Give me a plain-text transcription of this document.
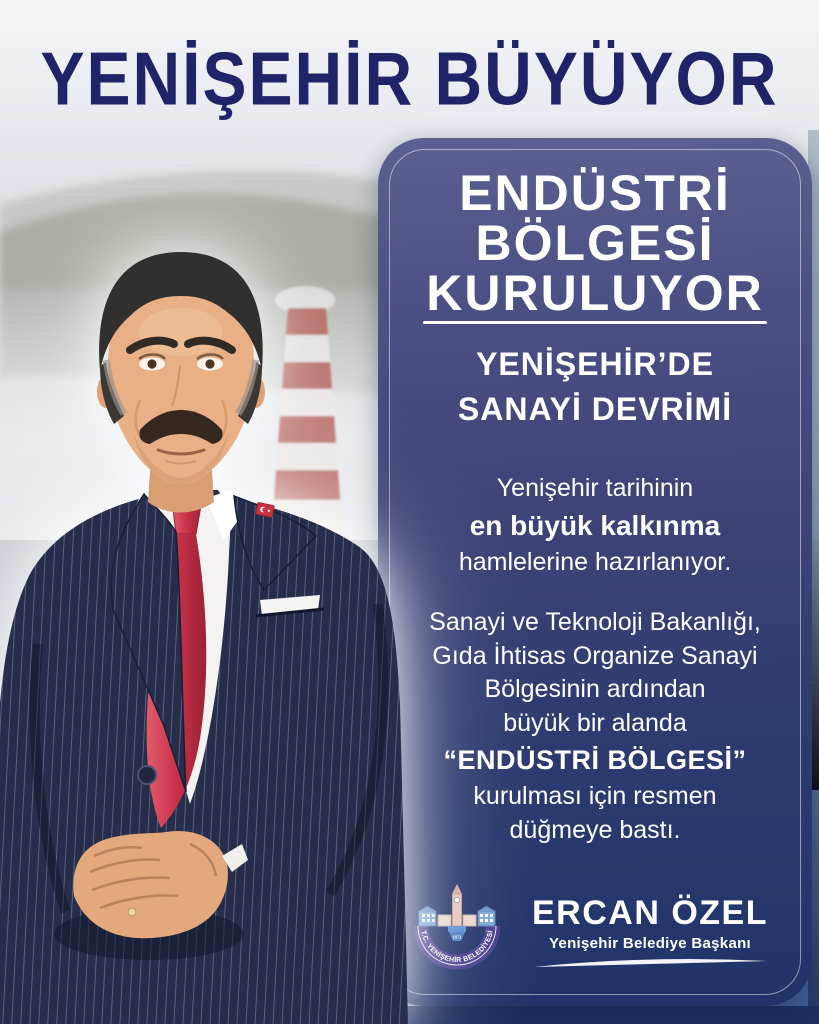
YENİŞEHİR BÜYÜYOR
ENDÜSTRİ
BÖLGESİ
KURULUYOR
YENİŞEHİR’DE
SANAYİ DEVRİMİ

Yenişehir tarihinin
en büyük kalkınma
hamlelerine hazırlanıyor.

Sanayi ve Teknoloji Bakanlığı,
Gıda İhtisas Organize Sanayi
Bölgesinin ardından
büyük bir alanda
“ENDÜSTRİ BÖLGESİ”
kurulması için resmen
düğmeye bastı.

1871
T.C. YENİŞEHİR BELEDİYESİ	ERCAN ÖZEL
Yenişehir Belediye Başkanı
